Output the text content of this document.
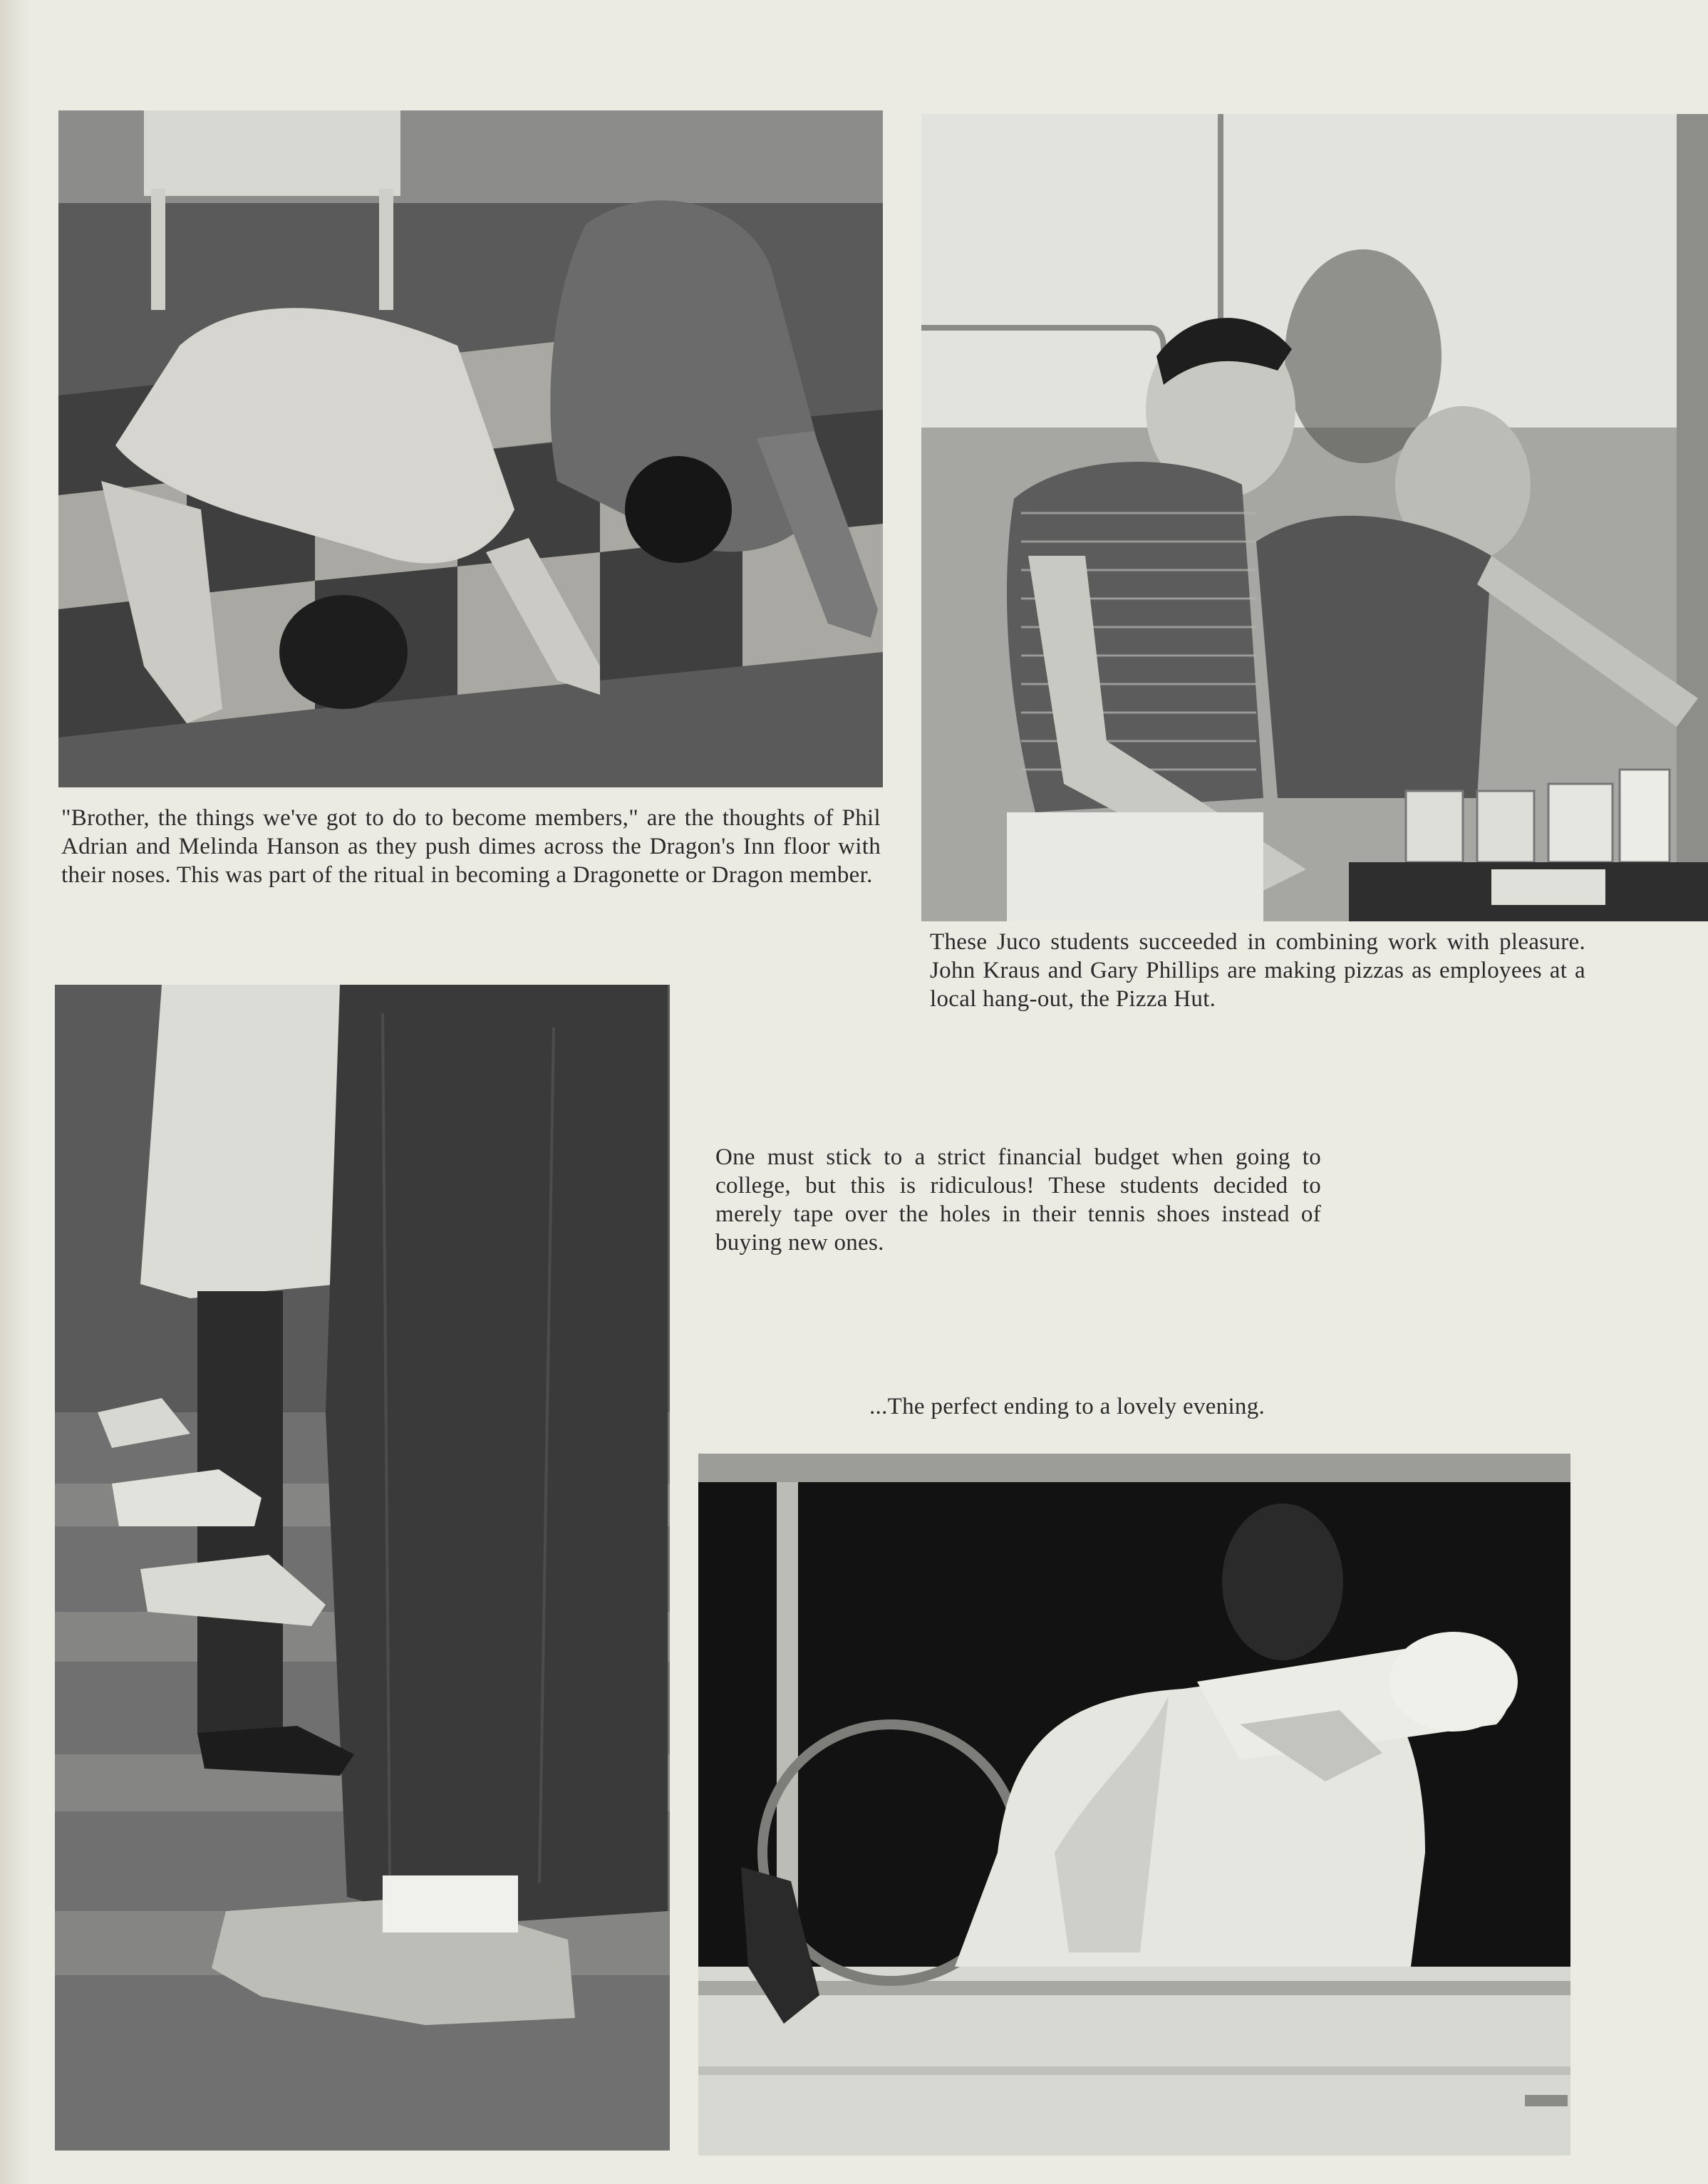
"Brother, the things we've got to do to become members," are the thoughts of Phil Adrian and Melinda Hanson as they push dimes across the Dragon's Inn floor with their noses. This was part of the ritual in becoming a Dragonette or Dragon member.
These Juco students succeeded in combining work with pleasure. John Kraus and Gary Phillips are making pizzas as employees at a local hang-out, the Pizza Hut.
One must stick to a strict financial budget when going to college, but this is ridiculous! These students decided to merely tape over the holes in their tennis shoes instead of buying new ones.
...The perfect ending to a lovely evening.
